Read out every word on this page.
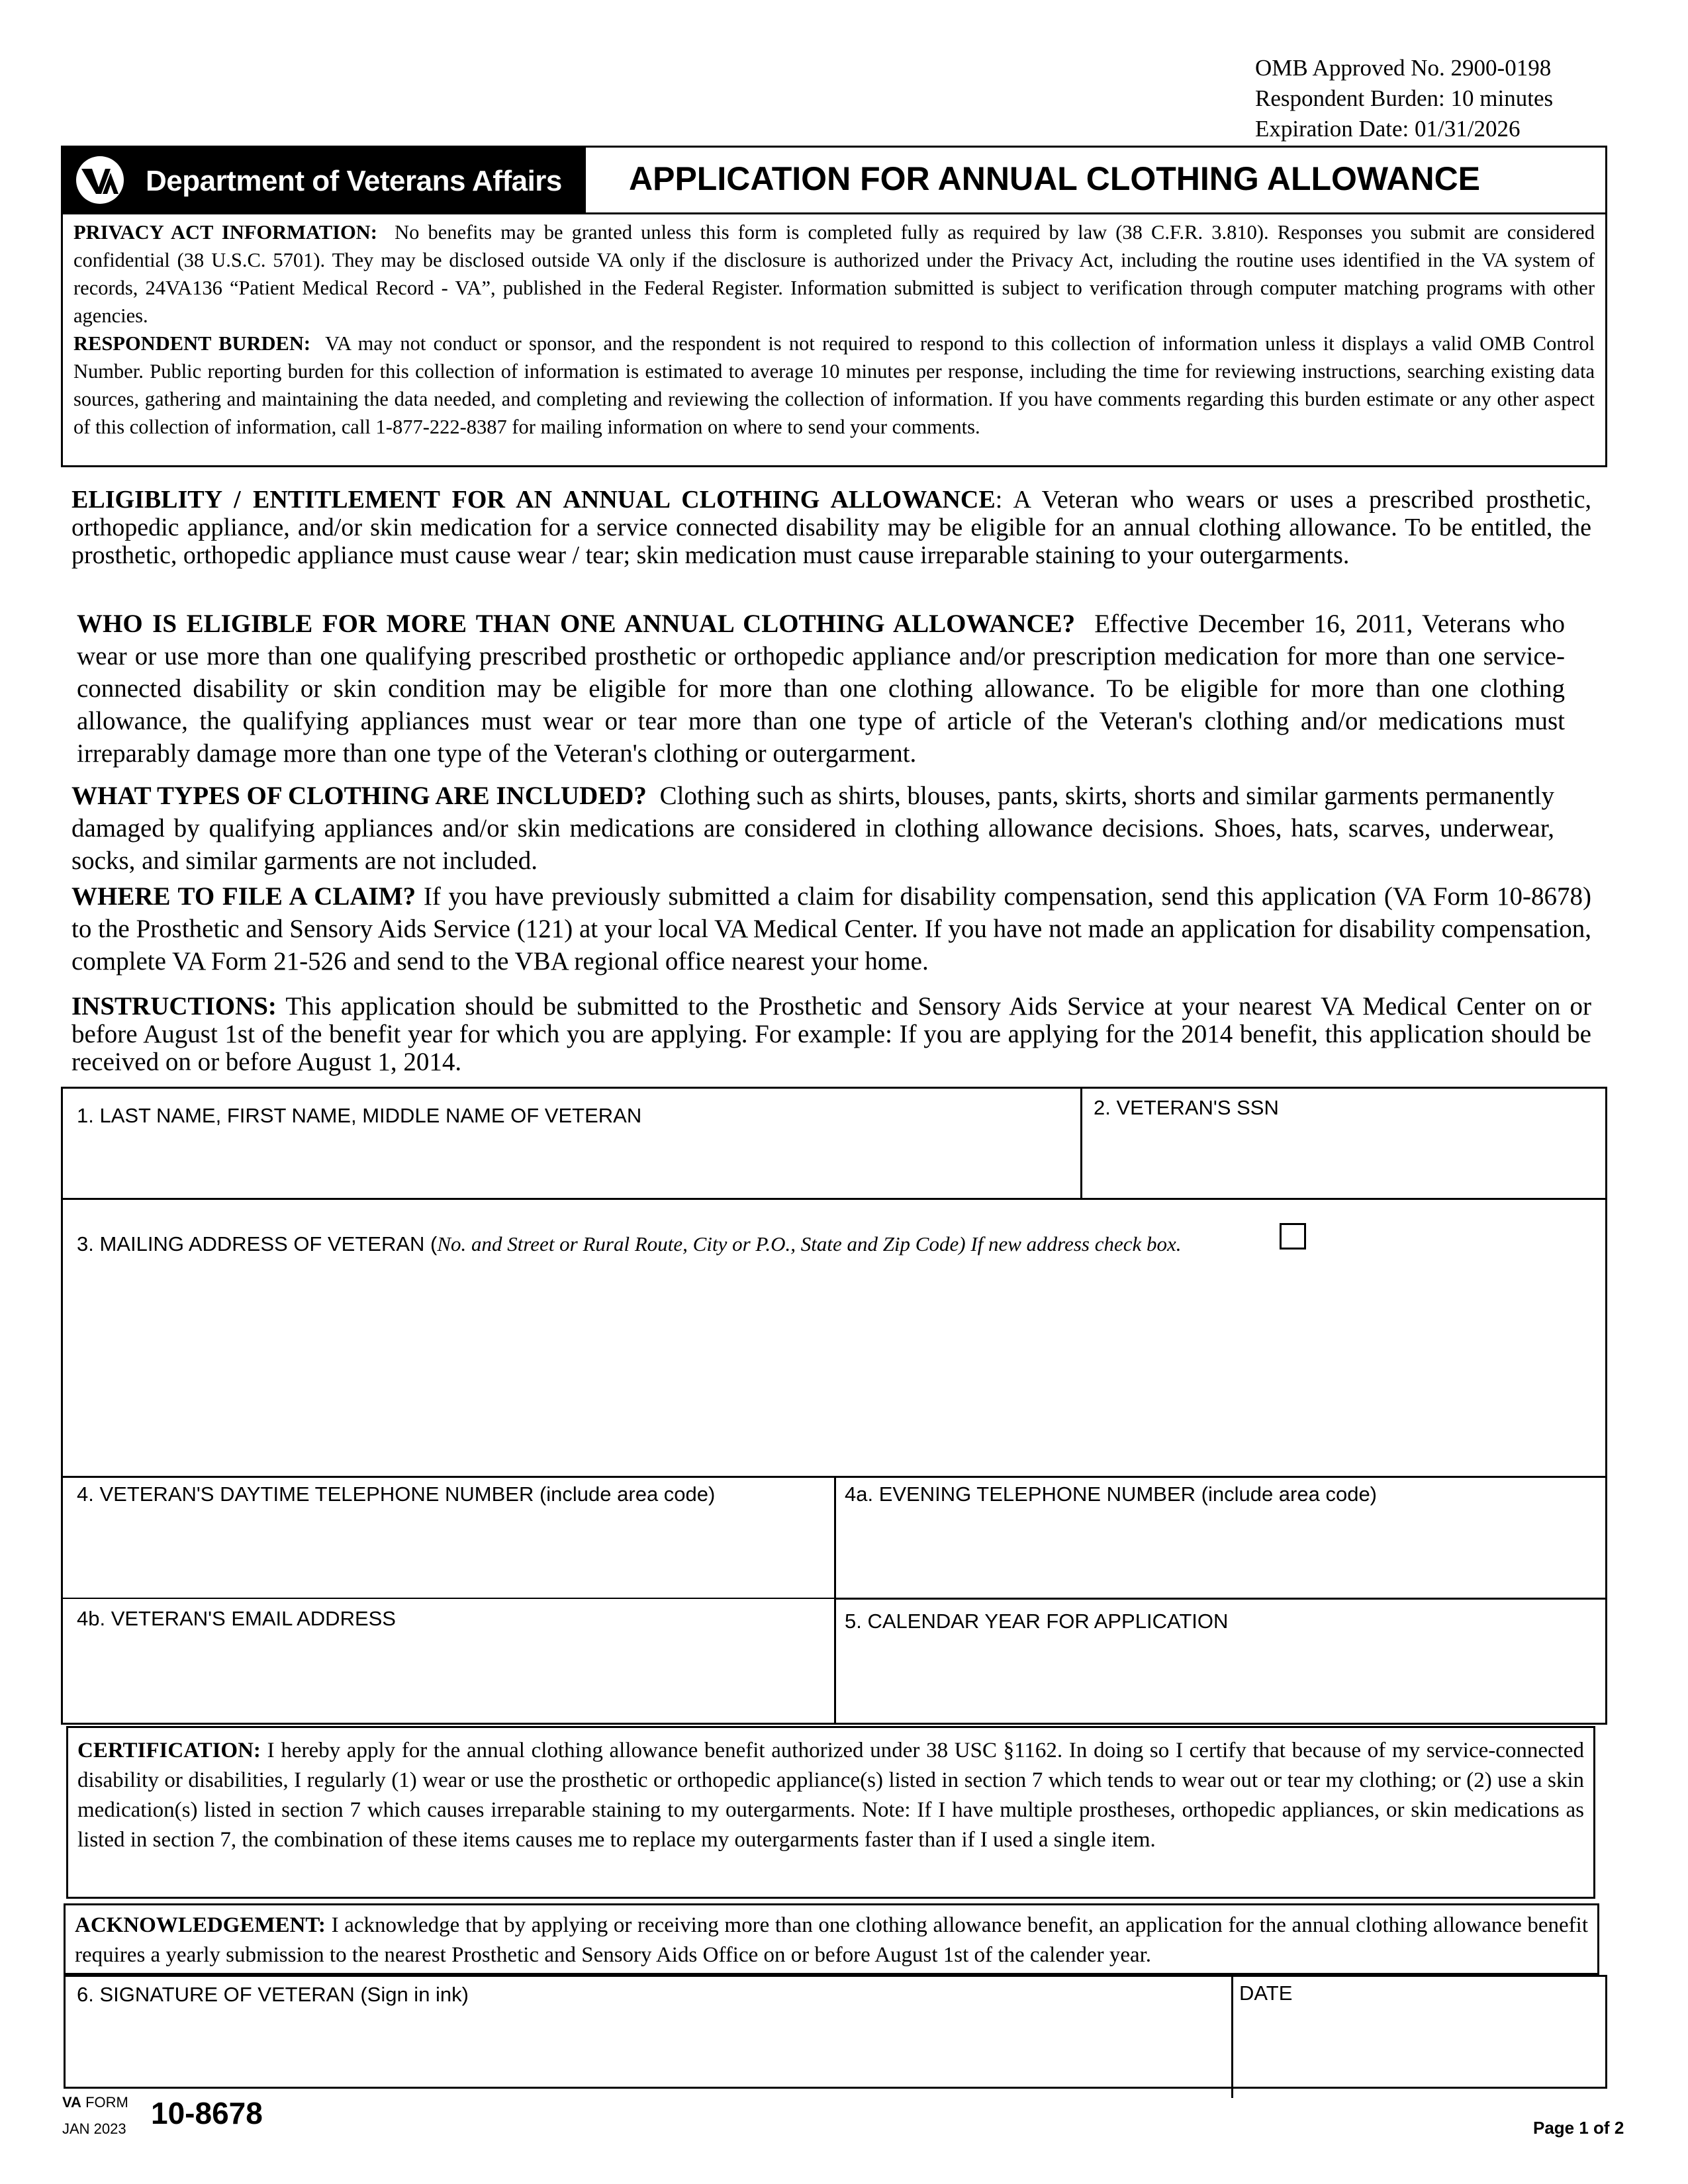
OMB Approved No. 2900-0198
Respondent Burden: 10 minutes
Expiration Date: 01/31/2026
Department of Veterans Affairs APPLICATION FOR ANNUAL CLOTHING ALLOWANCE

PRIVACY ACT INFORMATION: No benefits may be granted unless this form is completed fully as required by law (38 C.F.R. 3.810). Responses you submit are considered confidential (38 U.S.C. 5701). They may be disclosed outside VA only if the disclosure is authorized under the Privacy Act, including the routine uses identified in the VA system of records, 24VA136 “Patient Medical Record - VA”, published in the Federal Register. Information submitted is subject to verification through computer matching programs with other agencies.

RESPONDENT BURDEN: VA may not conduct or sponsor, and the respondent is not required to respond to this collection of information unless it displays a valid OMB Control Number. Public reporting burden for this collection of information is estimated to average 10 minutes per response, including the time for reviewing instructions, searching existing data sources, gathering and maintaining the data needed, and completing and reviewing the collection of information. If you have comments regarding this burden estimate or any other aspect of this collection of information, call 1-877-222-8387 for mailing information on where to send your comments.

ELIGIBLITY / ENTITLEMENT FOR AN ANNUAL CLOTHING ALLOWANCE: A Veteran who wears or uses a prescribed prosthetic, orthopedic appliance, and/or skin medication for a service connected disability may be eligible for an annual clothing allowance. To be entitled, the prosthetic, orthopedic appliance must cause wear / tear; skin medication must cause irreparable staining to your outergarments.
WHO IS ELIGIBLE FOR MORE THAN ONE ANNUAL CLOTHING ALLOWANCE? Effective December 16, 2011, Veterans who wear or use more than one qualifying prescribed prosthetic or orthopedic appliance and/or prescription medication for more than one service-connected disability or skin condition may be eligible for more than one clothing allowance. To be eligible for more than one clothing allowance, the qualifying appliances must wear or tear more than one type of article of the Veteran's clothing and/or medications must irreparably damage more than one type of the Veteran's clothing or outergarment.
WHAT TYPES OF CLOTHING ARE INCLUDED? Clothing such as shirts, blouses, pants, skirts, shorts and similar garments permanently damaged by qualifying appliances and/or skin medications are considered in clothing allowance decisions. Shoes, hats, scarves, underwear, socks, and similar garments are not included.
WHERE TO FILE A CLAIM? If you have previously submitted a claim for disability compensation, send this application (VA Form 10-8678) to the Prosthetic and Sensory Aids Service (121) at your local VA Medical Center. If you have not made an application for disability compensation, complete VA Form 21-526 and send to the VBA regional office nearest your home.
INSTRUCTIONS: This application should be submitted to the Prosthetic and Sensory Aids Service at your nearest VA Medical Center on or before August 1st of the benefit year for which you are applying. For example: If you are applying for the 2014 benefit, this application should be received on or before August 1, 2014.
1. LAST NAME, FIRST NAME, MIDDLE NAME OF VETERAN	2. VETERAN'S SSN
3. MAILING ADDRESS OF VETERAN (No. and Street or Rural Route, City or P.O., State and Zip Code) If new address check box.
4. VETERAN'S DAYTIME TELEPHONE NUMBER (include area code)	4a. EVENING TELEPHONE NUMBER (include area code)
4b. VETERAN'S EMAIL ADDRESS	5. CALENDAR YEAR FOR APPLICATION

CERTIFICATION: I hereby apply for the annual clothing allowance benefit authorized under 38 USC §1162. In doing so I certify that because of my service-connected disability or disabilities, I regularly (1) wear or use the prosthetic or orthopedic appliance(s) listed in section 7 which tends to wear out or tear my clothing; or (2) use a skin medication(s) listed in section 7 which causes irreparable staining to my outergarments. Note: If I have multiple prostheses, orthopedic appliances, or skin medications as listed in section 7, the combination of these items causes me to replace my outergarments faster than if I used a single item.

ACKNOWLEDGEMENT: I acknowledge that by applying or receiving more than one clothing allowance benefit, an application for the annual clothing allowance benefit requires a yearly submission to the nearest Prosthetic and Sensory Aids Office on or before August 1st of the calender year.

6. SIGNATURE OF VETERAN (Sign in ink)	DATE
VA FORM
JAN 2023 10-8678	Page 1 of 2
